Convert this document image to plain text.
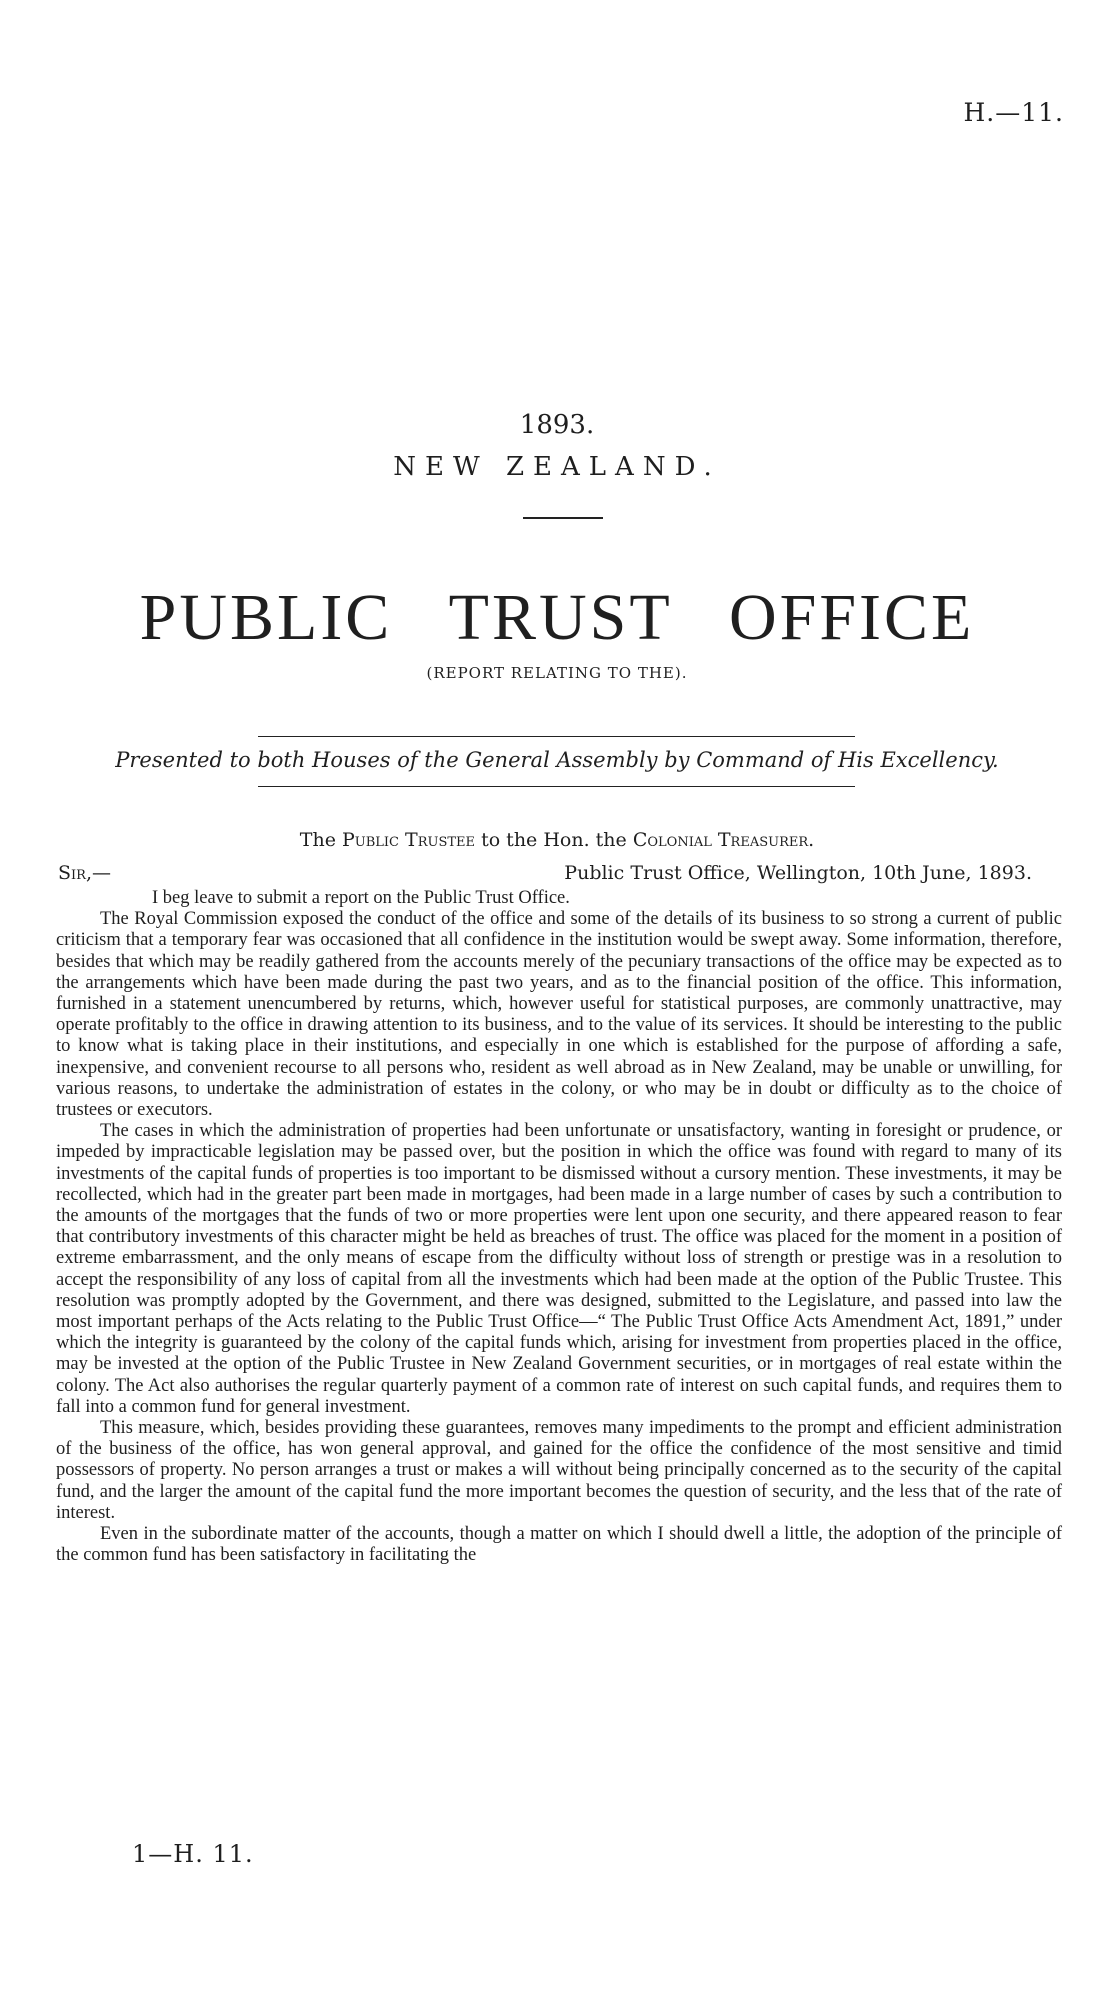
H.—11.
1893.
NEW ZEALAND.
PUBLIC TRUST OFFICE
(REPORT RELATING TO THE).
Presented to both Houses of the General Assembly by Command of His Excellency.
The Public Trustee to the Hon. the Colonial Treasurer.
Sir,—	Public Trust Office, Wellington, 10th June, 1893.

I beg leave to submit a report on the Public Trust Office.

The Royal Commission exposed the conduct of the office and some of the details of its business to so strong a current of public criticism that a temporary fear was occasioned that all confidence in the institution would be swept away. Some information, therefore, besides that which may be readily gathered from the accounts merely of the pecuniary transactions of the office may be expected as to the arrangements which have been made during the past two years, and as to the financial position of the office. This information, furnished in a statement unencumbered by returns, which, however useful for statistical purposes, are commonly unattractive, may operate profitably to the office in drawing attention to its business, and to the value of its services. It should be interesting to the public to know what is taking place in their institutions, and especially in one which is established for the purpose of affording a safe, inexpensive, and convenient recourse to all persons who, resident as well abroad as in New Zealand, may be unable or unwilling, for various reasons, to undertake the administration of estates in the colony, or who may be in doubt or difficulty as to the choice of trustees or executors.

The cases in which the administration of properties had been unfortunate or unsatisfactory, wanting in foresight or prudence, or impeded by impracticable legislation may be passed over, but the position in which the office was found with regard to many of its investments of the capital funds of properties is too important to be dismissed without a cursory mention. These investments, it may be recollected, which had in the greater part been made in mortgages, had been made in a large number of cases by such a contribution to the amounts of the mortgages that the funds of two or more properties were lent upon one security, and there appeared reason to fear that contributory investments of this character might be held as breaches of trust. The office was placed for the moment in a position of extreme embarrassment, and the only means of escape from the difficulty without loss of strength or prestige was in a resolution to accept the responsibility of any loss of capital from all the investments which had been made at the option of the Public Trustee. This resolution was promptly adopted by the Government, and there was designed, submitted to the Legislature, and passed into law the most important perhaps of the Acts relating to the Public Trust Office—“ The Public Trust Office Acts Amendment Act, 1891,” under which the integrity is guaranteed by the colony of the capital funds which, arising for investment from properties placed in the office, may be invested at the option of the Public Trustee in New Zealand Government securities, or in mortgages of real estate within the colony. The Act also authorises the regular quarterly payment of a common rate of interest on such capital funds, and requires them to fall into a common fund for general investment.

This measure, which, besides providing these guarantees, removes many impediments to the prompt and efficient administration of the business of the office, has won general approval, and gained for the office the confidence of the most sensitive and timid possessors of property. No person arranges a trust or makes a will without being principally concerned as to the security of the capital fund, and the larger the amount of the capital fund the more important becomes the question of security, and the less that of the rate of interest.

Even in the subordinate matter of the accounts, though a matter on which I should dwell a little, the adoption of the principle of the common fund has been satisfactory in facilitating the

1—H. 11.
